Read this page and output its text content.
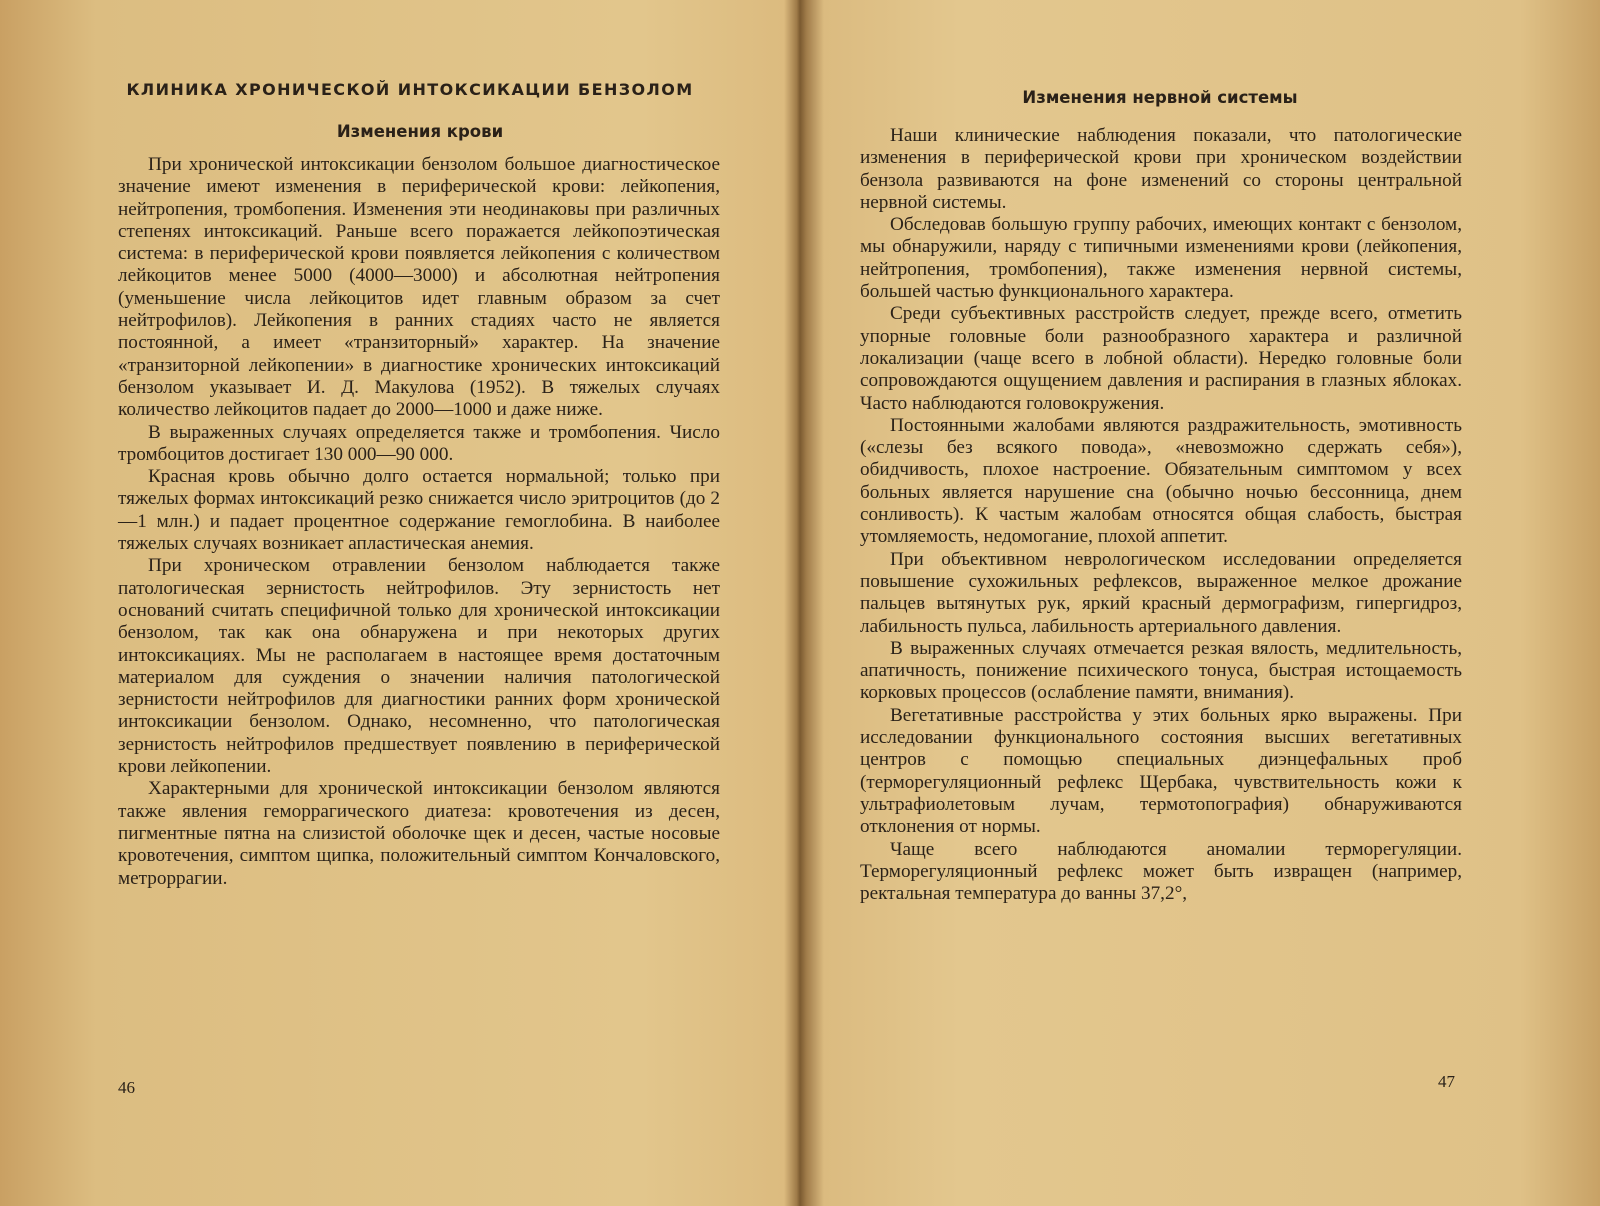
КЛИНИКА ХРОНИЧЕСКОЙ ИНТОКСИКАЦИИ БЕНЗОЛОМ
Изменения крови

При хронической интоксикации бензолом большое диагностическое значение имеют изменения в периферической крови: лейкопения, нейтропения, тромбопения. Изменения эти неодинаковы при различных степенях интоксикаций. Раньше всего поражается лейкопоэтическая система: в периферической крови появляется лейкопения с количеством лейкоцитов менее 5000 (4000—3000) и абсолютная нейтропения (уменьшение числа лейкоцитов идет главным образом за счет нейтрофилов). Лейкопения в ранних стадиях часто не является постоянной, а имеет «транзиторный» характер. На значение «транзиторной лейкопении» в диагностике хронических интоксикаций бензолом указывает И. Д. Макулова (1952). В тяжелых случаях количество лейкоцитов падает до 2000—1000 и даже ниже.

В выраженных случаях определяется также и тромбопения. Число тромбоцитов достигает 130 000—90 000.

Красная кровь обычно долго остается нормальной; только при тяжелых формах интоксикаций резко снижается число эритроцитов (до 2—1 млн.) и падает процентное содержание гемоглобина. В наиболее тяжелых случаях возникает апластическая анемия.

При хроническом отравлении бензолом наблюдается также патологическая зернистость нейтрофилов. Эту зернистость нет оснований считать специфичной только для хронической интоксикации бензолом, так как она обнаружена и при некоторых других интоксикациях. Мы не располагаем в настоящее время достаточным материалом для суждения о значении наличия патологической зернистости нейтрофилов для диагностики ранних форм хронической интоксикации бензолом. Однако, несомненно, что патологическая зернистость нейтрофилов предшествует появлению в периферической крови лейкопении.

Характерными для хронической интоксикации бензолом являются также явления геморрагического диатеза: кровотечения из десен, пигментные пятна на слизистой оболочке щек и десен, частые носовые кровотечения, симптом щипка, положительный симптом Кончаловского, метроррагии.

46
Изменения нервной системы

Наши клинические наблюдения показали, что патологические изменения в периферической крови при хроническом воздействии бензола развиваются на фоне изменений со стороны центральной нервной системы.

Обследовав большую группу рабочих, имеющих контакт с бензолом, мы обнаружили, наряду с типичными изменениями крови (лейкопения, нейтропения, тромбопения), также изменения нервной системы, большей частью функционального характера.

Среди субъективных расстройств следует, прежде всего, отметить упорные головные боли разнообразного характера и различной локализации (чаще всего в лобной области). Нередко головные боли сопровождаются ощущением давления и распирания в глазных яблоках. Часто наблюдаются головокружения.

Постоянными жалобами являются раздражительность, эмотивность («слезы без всякого повода», «невозможно сдержать себя»), обидчивость, плохое настроение. Обязательным симптомом у всех больных является нарушение сна (обычно ночью бессонница, днем сонливость). К частым жалобам относятся общая слабость, быстрая утомляемость, недомогание, плохой аппетит.

При объективном неврологическом исследовании определяется повышение сухожильных рефлексов, выраженное мелкое дрожание пальцев вытянутых рук, яркий красный дермографизм, гипергидроз, лабильность пульса, лабильность артериального давления.

В выраженных случаях отмечается резкая вялость, медлительность, апатичность, понижение психического тонуса, быстрая истощаемость корковых процессов (ослабление памяти, внимания).

Вегетативные расстройства у этих больных ярко выражены. При исследовании функционального состояния высших вегетативных центров с помощью специальных диэнцефальных проб (терморегуляционный рефлекс Щербака, чувствительность кожи к ультрафиолетовым лучам, термотопография) обнаруживаются отклонения от нормы.

Чаще всего наблюдаются аномалии терморегуляции. Терморегуляционный рефлекс может быть извращен (например, ректальная температура до ванны 37,2°,

47
